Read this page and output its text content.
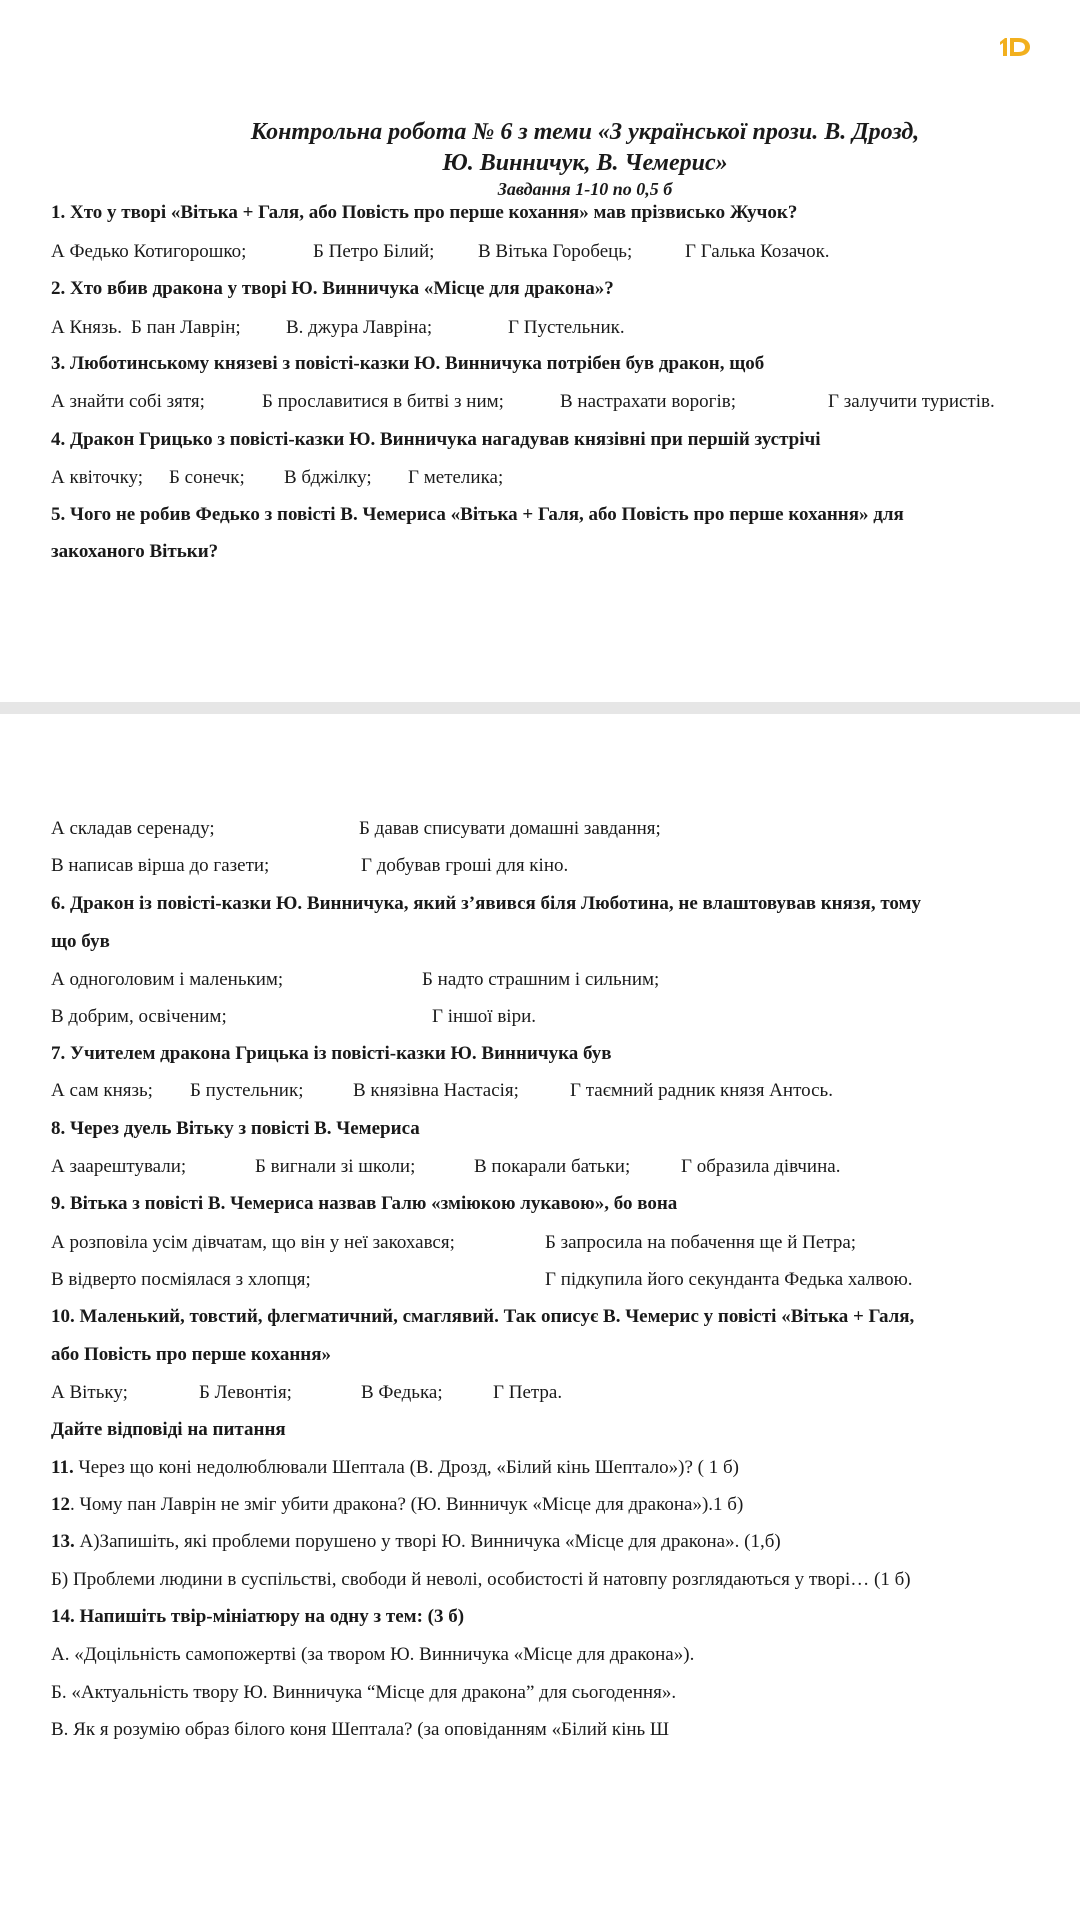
Контрольна робота № 6 з теми «З української прози. В. Дрозд,
Ю. Винничук, В. Чемерис»
Завдання 1-10 по 0,5 б
1. Хто у творі «Вітька + Галя, або Повість про перше кохання» мав прізвисько Жучок?
А Федько Котигорошко;	Б Петро Білий; В Вітька Горобець;	Г Галька Козачок.
2. Хто вбив дракона у творі Ю. Винничука «Місце для дракона»?
А Князь. Б пан Лаврін; В. джура Лавріна;	Г Пустельник.
3. Люботинському князеві з повісті-казки Ю. Винничука потрібен був дракон, щоб
А знайти собі зятя;	Б прославитися в битві з ним;	В настрахати ворогів;	Г залучити туристів.
4. Дракон Грицько з повісті-казки Ю. Винничука нагадував князівні при першій зустрічі
А квіточку; Б сонечк; В бджілку; Г метелика;
5. Чого не робив Федько з повісті В. Чемериса «Вітька + Галя, або Повість про перше кохання» для
закоханого Вітьки?
А складав серенаду;	Б давав списувати домашні завдання;
В написав вірша до газети;	Г добував гроші для кіно.
6. Дракон із повісті-казки Ю. Винничука, який з’явився біля Люботина, не влаштовував князя, тому
що був
А одноголовим і маленьким;	Б надто страшним і сильним;
В добрим, освіченим;	Г іншої віри.
7. Учителем дракона Грицька із повісті-казки Ю. Винничука був
А сам князь; Б пустельник;	В князівна Настасія;	Г таємний радник князя Антось.
8. Через дуель Вітьку з повісті В. Чемериса
А заарештували;	Б вигнали зі школи;	В покарали батьки;	Г образила дівчина.
9. Вітька з повісті В. Чемериса назвав Галю «зміюкою лукавою», бо вона
А розповіла усім дівчатам, що він у неї закохався;	Б запросила на побачення ще й Петра;
В відверто посміялася з хлопця;	Г підкупила його секунданта Федька халвою.
10. Маленький, товстий, флегматичний, смаглявий. Так описує В. Чемерис у повісті «Вітька + Галя,
або Повість про перше кохання»
А Вітьку;	Б Левонтія;	В Федька;	Г Петра.
Дайте відповіді на питання
11. Через що коні недолюблювали Шептала (В. Дрозд, «Білий кінь Шептало»)? ( 1 б)
12. Чому пан Лаврін не зміг убити дракона? (Ю. Винничук «Місце для дракона»).1 б)
13. А)Запишіть, які проблеми порушено у творі Ю. Винничука «Місце для дракона». (1,б)
Б) Проблеми людини в суспільстві, свободи й неволі, особистості й натовпу розглядаються у творі… (1 б)
14. Напишіть твір-мініатюру на одну з тем: (3 б)
А. «Доцільність самопожертві (за твором Ю. Винничука «Місце для дракона»).
Б. «Актуальність твору Ю. Винничука “Місце для дракона” для сьогодення».
В. Як я розумію образ білого коня Шептала? (за оповіданням «Білий кінь Ш
